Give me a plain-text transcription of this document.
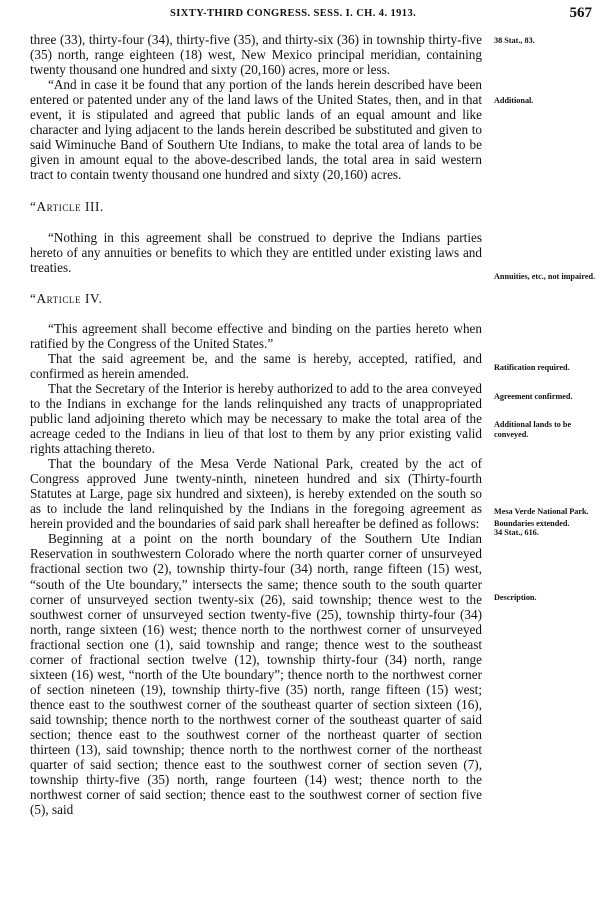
SIXTY-THIRD CONGRESS. SESS. I. CH. 4. 1913.	567

three (33), thirty-four (34), thirty-five (35), and thirty-six (36) in township thirty-five (35) north, range eighteen (18) west, New Mexico principal meridian, containing twenty thousand one hundred and sixty (20,160) acres, more or less.

“And in case it be found that any portion of the lands herein described have been entered or patented under any of the land laws of the United States, then, and in that event, it is stipulated and agreed that public lands of an equal amount and like character and lying adjacent to the lands herein described be substituted and given to said Wiminuche Band of Southern Ute Indians, to make the total area of lands to be given in amount equal to the above-described lands, the total area in said western tract to contain twenty thousand one hundred and sixty (20,160) acres.

“Article III.

“Nothing in this agreement shall be construed to deprive the Indians parties hereto of any annuities or benefits to which they are entitled under existing laws and treaties.

“Article IV.

“This agreement shall become effective and binding on the parties hereto when ratified by the Congress of the United States.”

That the said agreement be, and the same is hereby, accepted, ratified, and confirmed as herein amended.

That the Secretary of the Interior is hereby authorized to add to the area conveyed to the Indians in exchange for the lands relinquished any tracts of unappropriated public land adjoining thereto which may be necessary to make the total area of the acreage ceded to the Indians in lieu of that lost to them by any prior existing valid rights attaching thereto.

That the boundary of the Mesa Verde National Park, created by the act of Congress approved June twenty-ninth, nineteen hundred and six (Thirty-fourth Statutes at Large, page six hundred and sixteen), is hereby extended on the south so as to include the land relinquished by the Indians in the foregoing agreement as herein provided and the boundaries of said park shall hereafter be defined as follows:

Beginning at a point on the north boundary of the Southern Ute Indian Reservation in southwestern Colorado where the north quarter corner of unsurveyed fractional section two (2), township thirty-four (34) north, range fifteen (15) west, “south of the Ute boundary,” intersects the same; thence south to the south quarter corner of unsurveyed section twenty-six (26), said township; thence west to the southwest corner of unsurveyed section twenty-five (25), township thirty-four (34) north, range sixteen (16) west; thence north to the northwest corner of unsurveyed fractional section one (1), said township and range; thence west to the southeast corner of fractional section twelve (12), township thirty-four (34) north, range sixteen (16) west, “north of the Ute boundary”; thence north to the northwest corner of section nineteen (19), township thirty-five (35) north, range fifteen (15) west; thence east to the southwest corner of the southeast quarter of section sixteen (16), said township; thence north to the northwest corner of the southeast quarter of said section; thence east to the southwest corner of the northeast quarter of section thirteen (13), said township; thence north to the northwest corner of the northeast quarter of said section; thence east to the southwest corner of section seven (7), township thirty-five (35) north, range fourteen (14) west; thence north to the northwest corner of said section; thence east to the southwest corner of section five (5), said

38 Stat., 83.
Additional.
Annuities, etc., not impaired.
Ratification required.
Agreement confirmed.
Additional lands to be conveyed.
Mesa Verde National Park.
Boundaries extended.
34 Stat., 616.
Description.
